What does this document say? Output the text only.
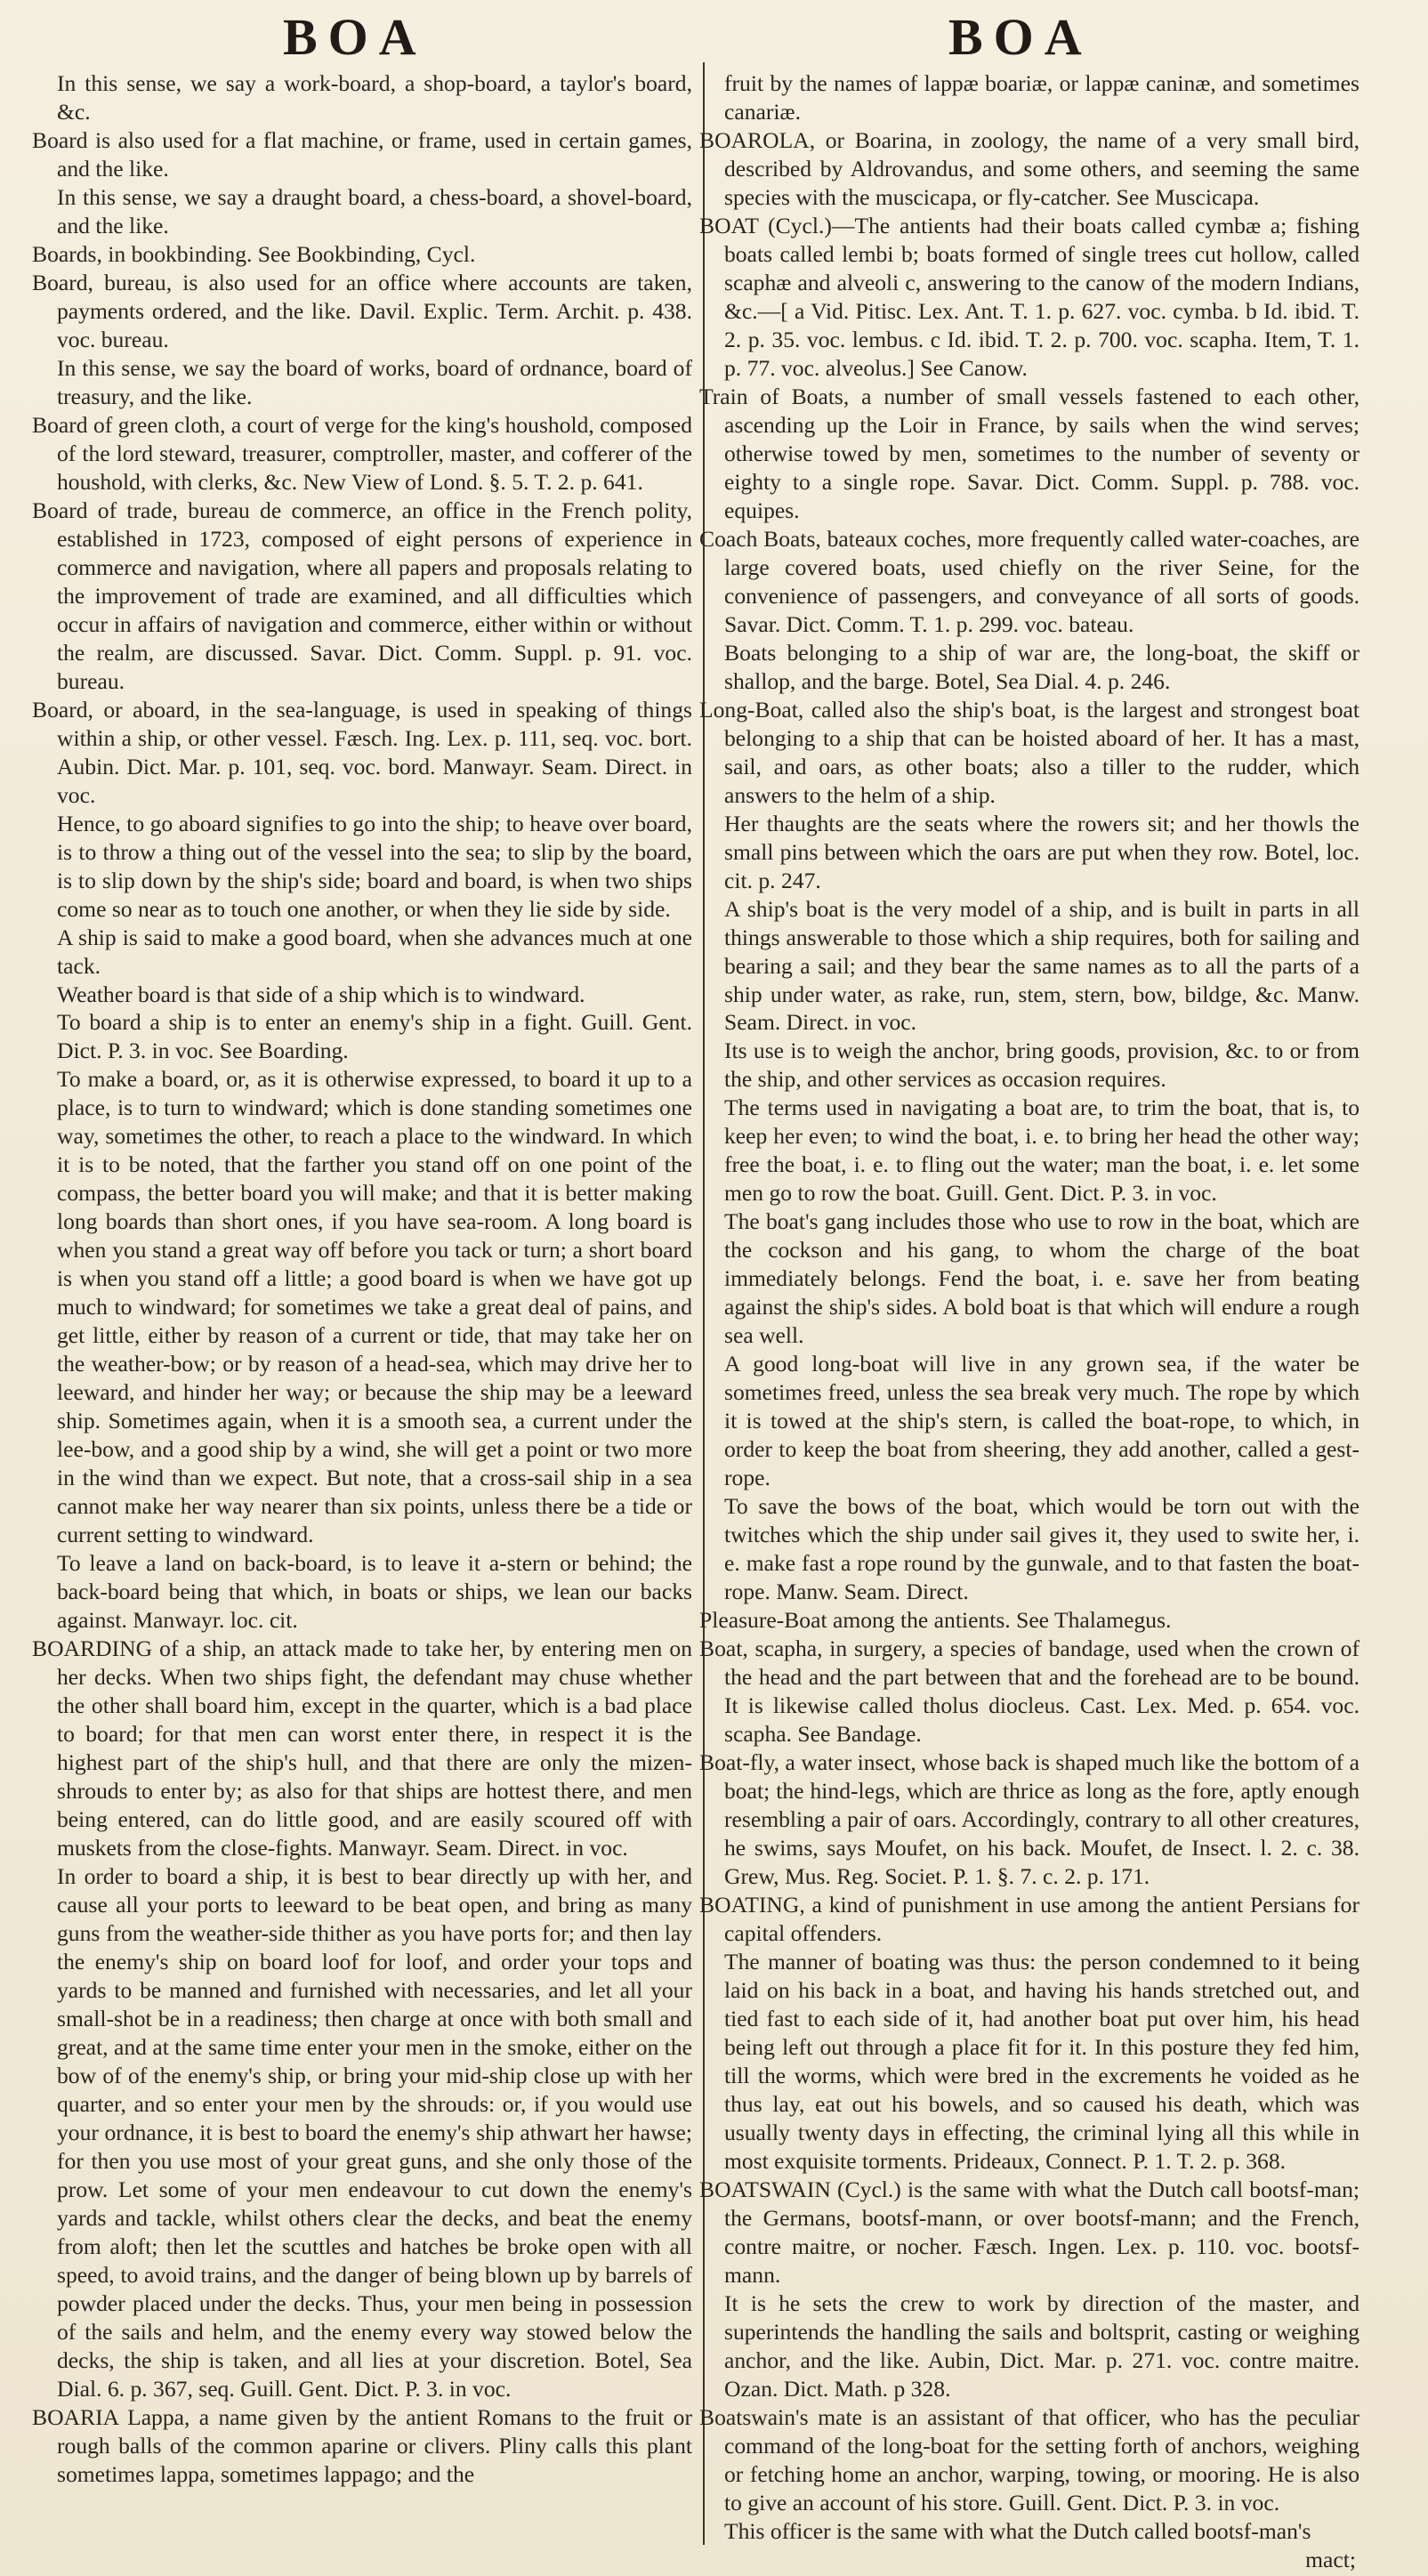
BOA	BOA

In this sense, we say a work-board, a shop-board, a taylor's board, &c.

Board is also used for a flat machine, or frame, used in certain games, and the like.

In this sense, we say a draught board, a chess-board, a shovel-board, and the like.

Boards, in bookbinding. See Bookbinding, Cycl.

Board, bureau, is also used for an office where accounts are taken, payments ordered, and the like. Davil. Explic. Term. Archit. p. 438. voc. bureau.

In this sense, we say the board of works, board of ordnance, board of treasury, and the like.

Board of green cloth, a court of verge for the king's houshold, composed of the lord steward, treasurer, comptroller, master, and cofferer of the houshold, with clerks, &c. New View of Lond. §. 5. T. 2. p. 641.

Board of trade, bureau de commerce, an office in the French polity, established in 1723, composed of eight persons of experience in commerce and navigation, where all papers and proposals relating to the improvement of trade are examined, and all difficulties which occur in affairs of navigation and commerce, either within or without the realm, are discussed. Savar. Dict. Comm. Suppl. p. 91. voc. bureau.

Board, or aboard, in the sea-language, is used in speaking of things within a ship, or other vessel. Fæsch. Ing. Lex. p. 111, seq. voc. bort. Aubin. Dict. Mar. p. 101, seq. voc. bord. Manwayr. Seam. Direct. in voc.

Hence, to go aboard signifies to go into the ship; to heave over board, is to throw a thing out of the vessel into the sea; to slip by the board, is to slip down by the ship's side; board and board, is when two ships come so near as to touch one another, or when they lie side by side.

A ship is said to make a good board, when she advances much at one tack.

Weather board is that side of a ship which is to windward.

To board a ship is to enter an enemy's ship in a fight. Guill. Gent. Dict. P. 3. in voc. See Boarding.

To make a board, or, as it is otherwise expressed, to board it up to a place, is to turn to windward; which is done standing sometimes one way, sometimes the other, to reach a place to the windward. In which it is to be noted, that the farther you stand off on one point of the compass, the better board you will make; and that it is better making long boards than short ones, if you have sea-room. A long board is when you stand a great way off before you tack or turn; a short board is when you stand off a little; a good board is when we have got up much to windward; for sometimes we take a great deal of pains, and get little, either by reason of a current or tide, that may take her on the weather-bow; or by reason of a head-sea, which may drive her to leeward, and hinder her way; or because the ship may be a leeward ship. Sometimes again, when it is a smooth sea, a current under the lee-bow, and a good ship by a wind, she will get a point or two more in the wind than we expect. But note, that a cross-sail ship in a sea cannot make her way nearer than six points, unless there be a tide or current setting to windward.

To leave a land on back-board, is to leave it a-stern or behind; the back-board being that which, in boats or ships, we lean our backs against. Manwayr. loc. cit.

BOARDING of a ship, an attack made to take her, by entering men on her decks. When two ships fight, the defendant may chuse whether the other shall board him, except in the quarter, which is a bad place to board; for that men can worst enter there, in respect it is the highest part of the ship's hull, and that there are only the mizen-shrouds to enter by; as also for that ships are hottest there, and men being entered, can do little good, and are easily scoured off with muskets from the close-fights. Manwayr. Seam. Direct. in voc.

In order to board a ship, it is best to bear directly up with her, and cause all your ports to leeward to be beat open, and bring as many guns from the weather-side thither as you have ports for; and then lay the enemy's ship on board loof for loof, and order your tops and yards to be manned and furnished with necessaries, and let all your small-shot be in a readiness; then charge at once with both small and great, and at the same time enter your men in the smoke, either on the bow of of the enemy's ship, or bring your mid-ship close up with her quarter, and so enter your men by the shrouds: or, if you would use your ordnance, it is best to board the enemy's ship athwart her hawse; for then you use most of your great guns, and she only those of the prow. Let some of your men endeavour to cut down the enemy's yards and tackle, whilst others clear the decks, and beat the enemy from aloft; then let the scuttles and hatches be broke open with all speed, to avoid trains, and the danger of being blown up by barrels of powder placed under the decks. Thus, your men being in possession of the sails and helm, and the enemy every way stowed below the decks, the ship is taken, and all lies at your discretion. Botel, Sea Dial. 6. p. 367, seq. Guill. Gent. Dict. P. 3. in voc.

BOARIA Lappa, a name given by the antient Romans to the fruit or rough balls of the common aparine or clivers. Pliny calls this plant sometimes lappa, sometimes lappago; and the

fruit by the names of lappæ boariæ, or lappæ caninæ, and sometimes canariæ.

BOAROLA, or Boarina, in zoology, the name of a very small bird, described by Aldrovandus, and some others, and seeming the same species with the muscicapa, or fly-catcher. See Muscicapa.

BOAT (Cycl.)—The antients had their boats called cymbæ a; fishing boats called lembi b; boats formed of single trees cut hollow, called scaphæ and alveoli c, answering to the canow of the modern Indians, &c.—[ a Vid. Pitisc. Lex. Ant. T. 1. p. 627. voc. cymba. b Id. ibid. T. 2. p. 35. voc. lembus. c Id. ibid. T. 2. p. 700. voc. scapha. Item, T. 1. p. 77. voc. alveolus.] See Canow.

Train of Boats, a number of small vessels fastened to each other, ascending up the Loir in France, by sails when the wind serves; otherwise towed by men, sometimes to the number of seventy or eighty to a single rope. Savar. Dict. Comm. Suppl. p. 788. voc. equipes.

Coach Boats, bateaux coches, more frequently called water-coaches, are large covered boats, used chiefly on the river Seine, for the convenience of passengers, and conveyance of all sorts of goods. Savar. Dict. Comm. T. 1. p. 299. voc. bateau.

Boats belonging to a ship of war are, the long-boat, the skiff or shallop, and the barge. Botel, Sea Dial. 4. p. 246.

Long-Boat, called also the ship's boat, is the largest and strongest boat belonging to a ship that can be hoisted aboard of her. It has a mast, sail, and oars, as other boats; also a tiller to the rudder, which answers to the helm of a ship.

Her thaughts are the seats where the rowers sit; and her thowls the small pins between which the oars are put when they row. Botel, loc. cit. p. 247.

A ship's boat is the very model of a ship, and is built in parts in all things answerable to those which a ship requires, both for sailing and bearing a sail; and they bear the same names as to all the parts of a ship under water, as rake, run, stem, stern, bow, bildge, &c. Manw. Seam. Direct. in voc.

Its use is to weigh the anchor, bring goods, provision, &c. to or from the ship, and other services as occasion requires.

The terms used in navigating a boat are, to trim the boat, that is, to keep her even; to wind the boat, i. e. to bring her head the other way; free the boat, i. e. to fling out the water; man the boat, i. e. let some men go to row the boat. Guill. Gent. Dict. P. 3. in voc.

The boat's gang includes those who use to row in the boat, which are the cockson and his gang, to whom the charge of the boat immediately belongs. Fend the boat, i. e. save her from beating against the ship's sides. A bold boat is that which will endure a rough sea well.

A good long-boat will live in any grown sea, if the water be sometimes freed, unless the sea break very much. The rope by which it is towed at the ship's stern, is called the boat-rope, to which, in order to keep the boat from sheering, they add another, called a gest-rope.

To save the bows of the boat, which would be torn out with the twitches which the ship under sail gives it, they used to swite her, i. e. make fast a rope round by the gunwale, and to that fasten the boat-rope. Manw. Seam. Direct.

Pleasure-Boat among the antients. See Thalamegus.

Boat, scapha, in surgery, a species of bandage, used when the crown of the head and the part between that and the forehead are to be bound. It is likewise called tholus diocleus. Cast. Lex. Med. p. 654. voc. scapha. See Bandage.

Boat-fly, a water insect, whose back is shaped much like the bottom of a boat; the hind-legs, which are thrice as long as the fore, aptly enough resembling a pair of oars. Accordingly, contrary to all other creatures, he swims, says Moufet, on his back. Moufet, de Insect. l. 2. c. 38. Grew, Mus. Reg. Societ. P. 1. §. 7. c. 2. p. 171.

BOATING, a kind of punishment in use among the antient Persians for capital offenders.

The manner of boating was thus: the person condemned to it being laid on his back in a boat, and having his hands stretched out, and tied fast to each side of it, had another boat put over him, his head being left out through a place fit for it. In this posture they fed him, till the worms, which were bred in the excrements he voided as he thus lay, eat out his bowels, and so caused his death, which was usually twenty days in effecting, the criminal lying all this while in most exquisite torments. Prideaux, Connect. P. 1. T. 2. p. 368.

BOATSWAIN (Cycl.) is the same with what the Dutch call bootsf-man; the Germans, bootsf-mann, or over bootsf-mann; and the French, contre maitre, or nocher. Fæsch. Ingen. Lex. p. 110. voc. bootsf-mann.

It is he sets the crew to work by direction of the master, and superintends the handling the sails and boltsprit, casting or weighing anchor, and the like. Aubin, Dict. Mar. p. 271. voc. contre maitre. Ozan. Dict. Math. p 328.

Boatswain's mate is an assistant of that officer, who has the peculiar command of the long-boat for the setting forth of anchors, weighing or fetching home an anchor, warping, towing, or mooring. He is also to give an account of his store. Guill. Gent. Dict. P. 3. in voc.

This officer is the same with what the Dutch called bootsf-man's

mact;
